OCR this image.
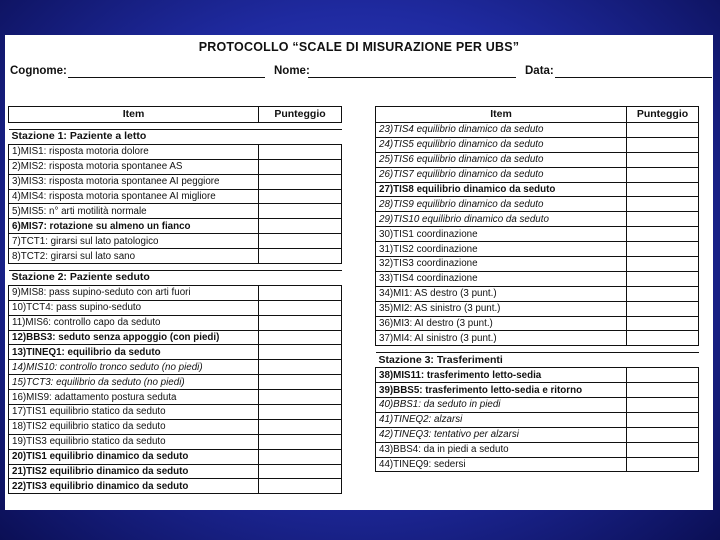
PROTOCOLLO “SCALE DI MISURAZIONE PER UBS”
Cognome:	Nome:	Data:
Item	Punteggio

Stazione 1: Paziente a letto	
1)MIS1: risposta motoria dolore	
2)MIS2: risposta motoria spontanee AS	
3)MIS3: risposta motoria spontanee AI peggiore	
4)MIS4: risposta motoria spontanee AI migliore	
5)MIS5: n° arti motilità normale	
6)MIS7: rotazione su almeno un fianco	
7)TCT1: girarsi sul lato patologico	
8)TCT2: girarsi sul lato sano	

Stazione 2: Paziente seduto	
9)MIS8: pass supino-seduto con arti fuori	
10)TCT4: pass supino-seduto	
11)MIS6: controllo capo da seduto	
12)BBS3: seduto senza appoggio (con piedi)	
13)TINEQ1: equilibrio da seduto	
14)MIS10: controllo tronco seduto (no piedi)	
15)TCT3: equilibrio da seduto (no piedi)	
16)MIS9: adattamento postura seduta	
17)TIS1 equilibrio statico da seduto	
18)TIS2 equilibrio statico da seduto	
19)TIS3 equilibrio statico da seduto	
20)TIS1 equilibrio dinamico da seduto	
21)TIS2 equilibrio dinamico da seduto	
22)TIS3 equilibrio dinamico da seduto	
Item	Punteggio
23)TIS4 equilibrio dinamico da seduto	
24)TIS5 equilibrio dinamico da seduto	
25)TIS6 equilibrio dinamico da seduto	
26)TIS7 equilibrio dinamico da seduto	
27)TIS8 equilibrio dinamico da seduto	
28)TIS9 equilibrio dinamico da seduto	
29)TIS10 equilibrio dinamico da seduto	
30)TIS1 coordinazione	
31)TIS2 coordinazione	
32)TIS3 coordinazione	
33)TIS4 coordinazione	
34)MI1: AS destro (3 punt.)	
35)MI2: AS sinistro (3 punt.)	
36)MI3: AI destro (3 punt.)	
37)MI4: AI sinistro (3 punt.)	

Stazione 3: Trasferimenti	
38)MIS11: trasferimento letto-sedia	
39)BBS5: trasferimento letto-sedia e ritorno	
40)BBS1: da seduto in piedi	
41)TINEQ2: alzarsi	
42)TINEQ3: tentativo per alzarsi	
43)BBS4: da in piedi a seduto	
44)TINEQ9: sedersi	
